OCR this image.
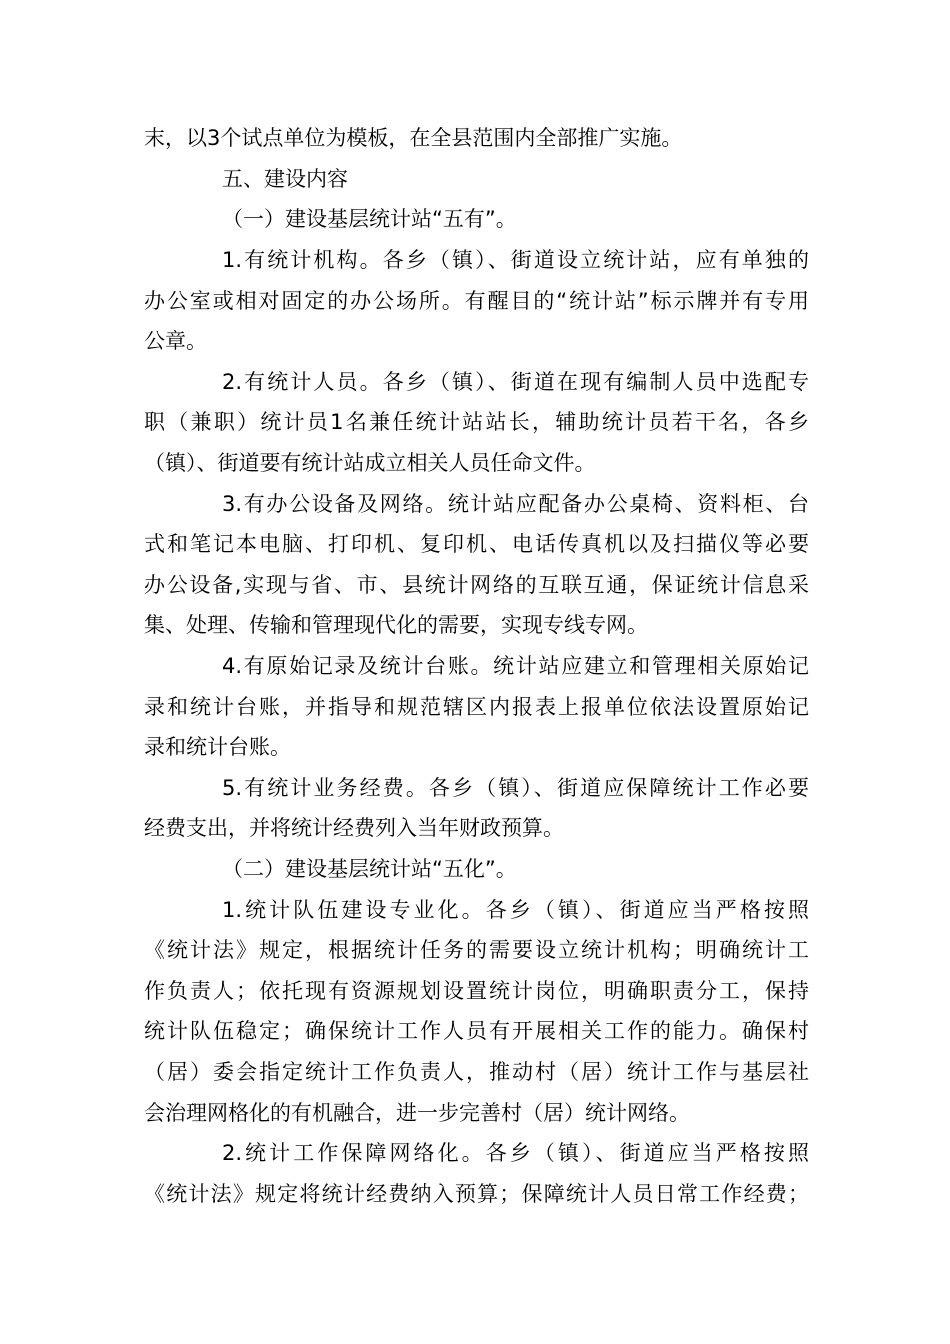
末，以3个试点单位为模板，在全县范围内全部推广实施。
五、建设内容
（一）建设基层统计站“五有”。
1.有统计机构。各乡（镇）、街道设立统计站，应有单独的
办公室或相对固定的办公场所。有醒目的“统计站”标示牌并有专用
公章。
2.有统计人员。各乡（镇）、街道在现有编制人员中选配专
职（兼职）统计员1名兼任统计站站长，辅助统计员若干名，各乡
（镇）、街道要有统计站成立相关人员任命文件。
3.有办公设备及网络。统计站应配备办公桌椅、资料柜、台
式和笔记本电脑、打印机、复印机、电话传真机以及扫描仪等必要
办公设备,实现与省、市、县统计网络的互联互通，保证统计信息采
集、处理、传输和管理现代化的需要，实现专线专网。
4.有原始记录及统计台账。统计站应建立和管理相关原始记
录和统计台账，并指导和规范辖区内报表上报单位依法设置原始记
录和统计台账。
5.有统计业务经费。各乡（镇）、街道应保障统计工作必要
经费支出，并将统计经费列入当年财政预算。
（二）建设基层统计站“五化”。
1.统计队伍建设专业化。各乡（镇）、街道应当严格按照
《统计法》规定，根据统计任务的需要设立统计机构；明确统计工
作负责人；依托现有资源规划设置统计岗位，明确职责分工，保持
统计队伍稳定；确保统计工作人员有开展相关工作的能力。确保村
（居）委会指定统计工作负责人，推动村（居）统计工作与基层社
会治理网格化的有机融合，进一步完善村（居）统计网络。
2.统计工作保障网络化。各乡（镇）、街道应当严格按照
《统计法》规定将统计经费纳入预算；保障统计人员日常工作经费；
